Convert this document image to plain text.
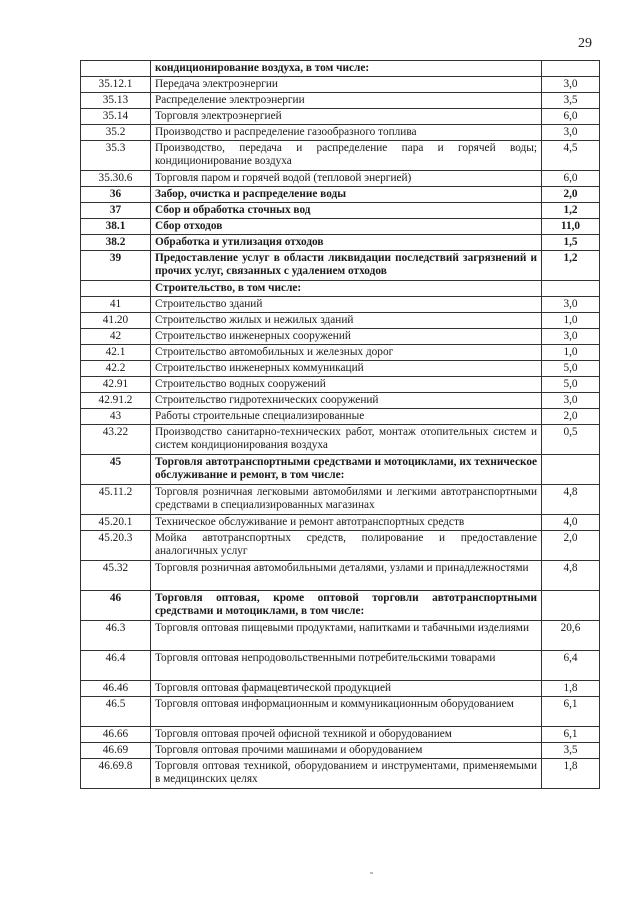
29
	кондиционирование воздуха, в том числе:	
35.12.1	Передача электроэнергии	3,0
35.13	Распределение электроэнергии	3,5
35.14	Торговля электроэнергией	6,0
35.2	Производство и распределение газообразного топлива	3,0
35.3	Производство, передача и распределение пара и горячей воды; кондиционирование воздуха	4,5
35.30.6	Торговля паром и горячей водой (тепловой энергией)	6,0
36	Забор, очистка и распределение воды	2,0
37	Сбор и обработка сточных вод	1,2
38.1	Сбор отходов	11,0
38.2	Обработка и утилизация отходов	1,5
39	Предоставление услуг в области ликвидации последствий загрязнений и прочих услуг, связанных с удалением отходов	1,2
	Строительство, в том числе:	
41	Строительство зданий	3,0
41.20	Строительство жилых и нежилых зданий	1,0
42	Строительство инженерных сооружений	3,0
42.1	Строительство автомобильных и железных дорог	1,0
42.2	Строительство инженерных коммуникаций	5,0
42.91	Строительство водных сооружений	5,0
42.91.2	Строительство гидротехнических сооружений	3,0
43	Работы строительные специализированные	2,0
43.22	Производство санитарно-технических работ, монтаж отопительных систем и систем кондиционирования воздуха	0,5
45	Торговля автотранспортными средствами и мотоциклами, их техническое обслуживание и ремонт, в том числе:	
45.11.2	Торговля розничная легковыми автомобилями и легкими автотранспортными средствами в специализированных магазинах	4,8
45.20.1	Техническое обслуживание и ремонт автотранспортных средств	4,0
45.20.3	Мойка автотранспортных средств, полирование и предоставление аналогичных услуг	2,0
45.32	Торговля розничная автомобильными деталями, узлами и принадлежностями	4,8
46	Торговля оптовая, кроме оптовой торговли автотранспортными средствами и мотоциклами, в том числе:	
46.3	Торговля оптовая пищевыми продуктами, напитками и табачными изделиями	20,6
46.4	Торговля оптовая непродовольственными потребительскими товарами	6,4
46.46	Торговля оптовая фармацевтической продукцией	1,8
46.5	Торговля оптовая информационным и коммуникационным оборудованием	6,1
46.66	Торговля оптовая прочей офисной техникой и оборудованием	6,1
46.69	Торговля оптовая прочими машинами и оборудованием	3,5
46.69.8	Торговля оптовая техникой, оборудованием и инструментами, применяемыми в медицинских целях	1,8
